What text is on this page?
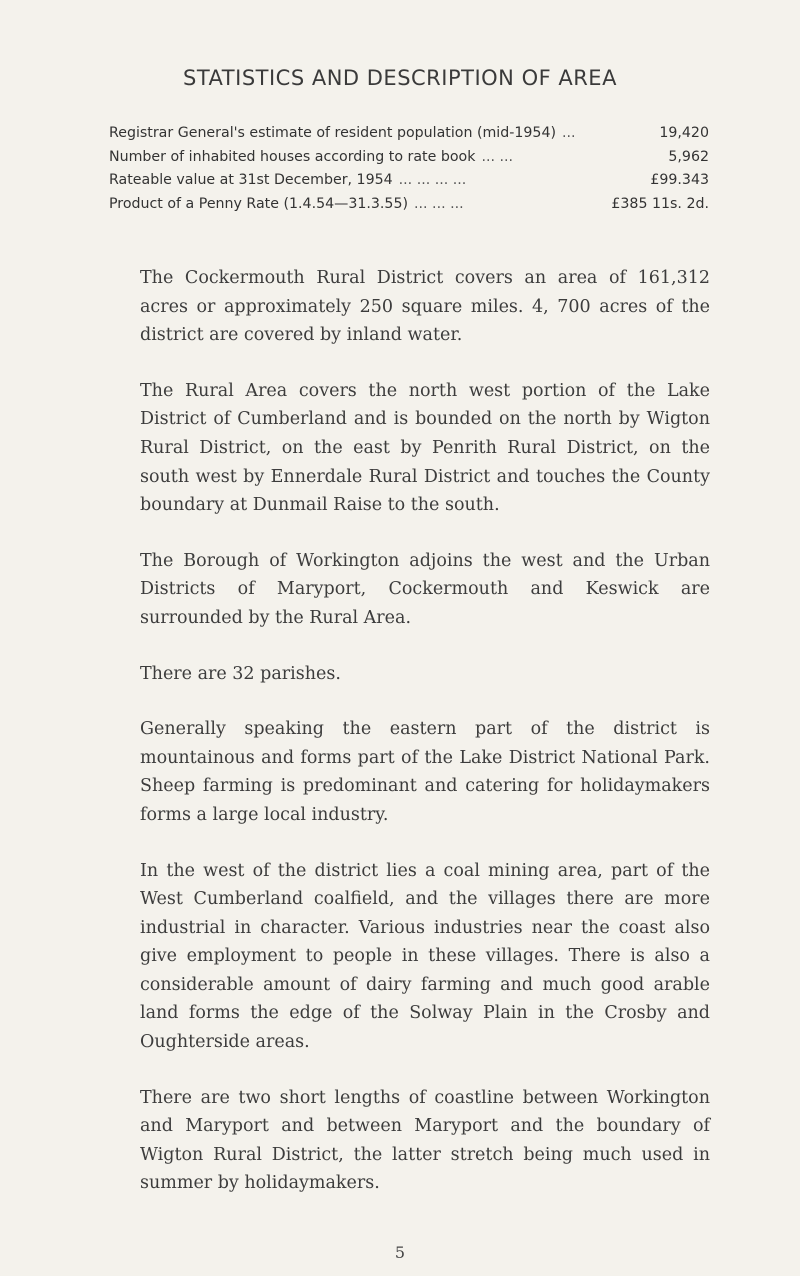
STATISTICS AND DESCRIPTION OF AREA
Registrar General's estimate of resident population (mid-1954) ...	19,420
Number of inhabited houses according to rate book ... ...	5,962
Rateable value at 31st December, 1954 ... ... ... ...	£99.343
Product of a Penny Rate (1.4.54—31.3.55) ... ... ...	£385 11s. 2d.

The Cockermouth Rural District covers an area of 161,312 acres or approximately 250 square miles. 4, 700 acres of the district are covered by inland water.

The Rural Area covers the north west portion of the Lake District of Cumberland and is bounded on the north by Wigton Rural District, on the east by Penrith Rural District, on the south west by Ennerdale Rural District and touches the County boundary at Dunmail Raise to the south.

The Borough of Workington adjoins the west and the Urban Districts of Maryport, Cockermouth and Keswick are surrounded by the Rural Area.

There are 32 parishes.

Generally speaking the eastern part of the district is mountainous and forms part of the Lake District National Park. Sheep farming is predominant and catering for holidaymakers forms a large local industry.

In the west of the district lies a coal mining area, part of the West Cumberland coalfield, and the villages there are more industrial in character. Various industries near the coast also give employment to people in these villages. There is also a considerable amount of dairy farming and much good arable land forms the edge of the Solway Plain in the Crosby and Oughterside areas.

There are two short lengths of coastline between Workington and Maryport and between Maryport and the boundary of Wigton Rural District, the latter stretch being much used in summer by holidaymakers.

5
